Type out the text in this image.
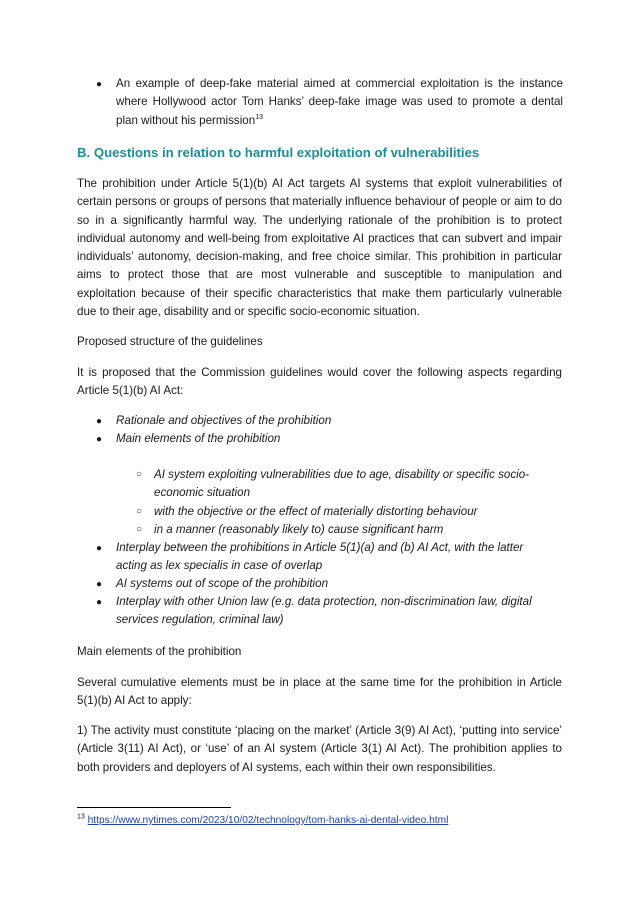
● An example of deep-fake material aimed at commercial exploitation is the instance where Hollywood actor Tom Hanks’ deep-fake image was used to promote a dental plan without his permission$^{13}$
B. Questions in relation to harmful exploitation of vulnerabilities

The prohibition under Article 5(1)(b) AI Act targets AI systems that exploit vulnerabilities of certain persons or groups of persons that materially influence behaviour of people or aim to do so in a significantly harmful way. The underlying rationale of the prohibition is to protect individual autonomy and well-being from exploitative AI practices that can subvert and impair individuals’ autonomy, decision-making, and free choice similar. This prohibition in particular aims to protect those that are most vulnerable and susceptible to manipulation and exploitation because of their specific characteristics that make them particularly vulnerable due to their age, disability and or specific socio-economic situation.

Proposed structure of the guidelines

It is proposed that the Commission guidelines would cover the following aspects regarding Article 5(1)(b) AI Act:

● Rationale and objectives of the prohibition
● Main elements of the prohibition
○ AI system exploiting vulnerabilities due to age, disability or specific socio-economic situation
○ with the objective or the effect of materially distorting behaviour
○ in a manner (reasonably likely to) cause significant harm
● Interplay between the prohibitions in Article 5(1)(a) and (b) AI Act, with the latter acting as lex specialis in case of overlap
● AI systems out of scope of the prohibition
● Interplay with other Union law (e.g. data protection, non-discrimination law, digital services regulation, criminal law)

Main elements of the prohibition

Several cumulative elements must be in place at the same time for the prohibition in Article 5(1)(b) AI Act to apply:

1) The activity must constitute ‘placing on the market’ (Article 3(9) AI Act), ‘putting into service’ (Article 3(11) AI Act), or ‘use’ of an AI system (Article 3(1) AI Act). The prohibition applies to both providers and deployers of AI systems, each within their own responsibilities.

$^{13}$ https://www.nytimes.com/2023/10/02/technology/tom-hanks-ai-dental-video.html
